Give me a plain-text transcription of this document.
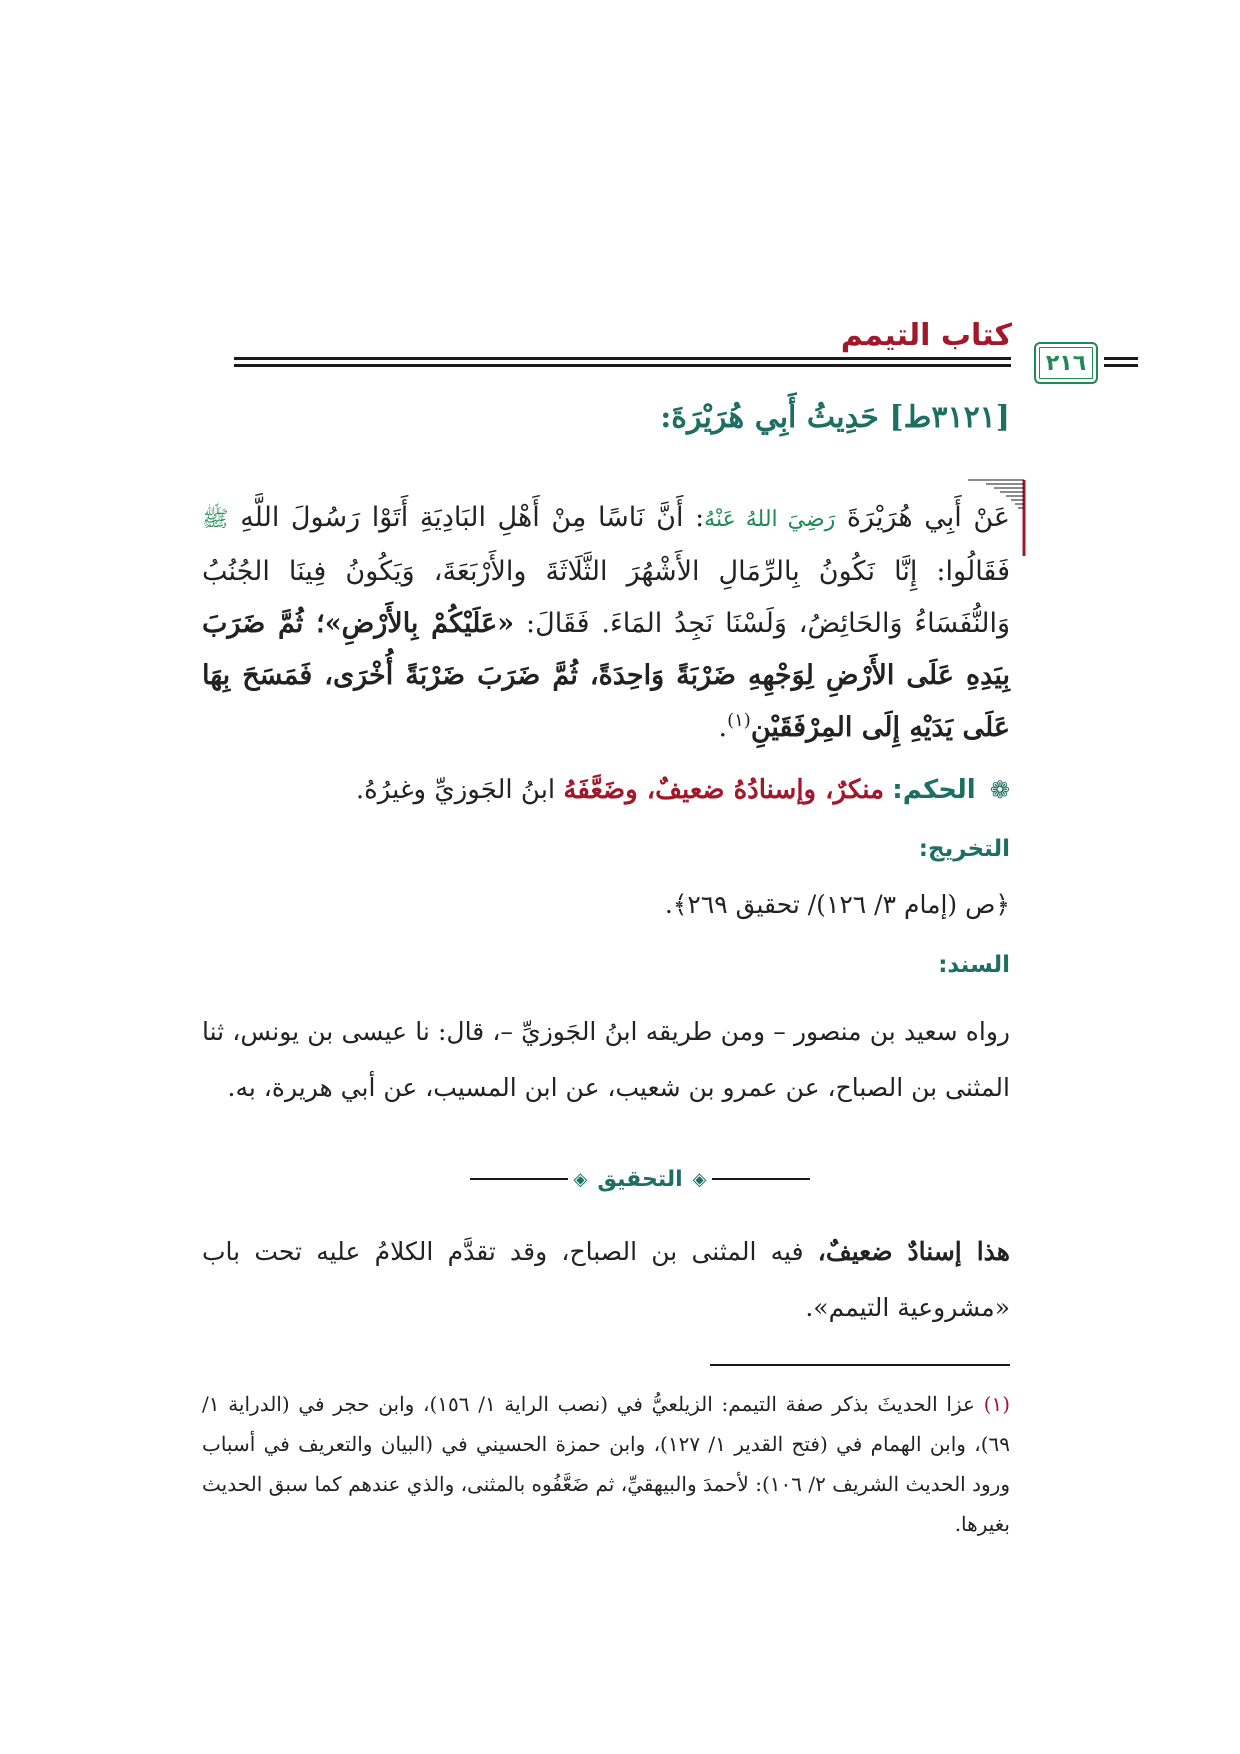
كتاب التيمم
٢١٦
[٣١٢١ط] حَدِيثُ أَبِي هُرَيْرَةَ:
عَنْ أَبِي هُرَيْرَةَ رَضِيَ اللهُ عَنْهُ: أَنَّ نَاسًا مِنْ أَهْلِ البَادِيَةِ أَتَوْا رَسُولَ اللَّهِ ﷺ فَقَالُوا: إِنَّا نَكُونُ بِالرِّمَالِ الأَشْهُرَ الثَّلَاثَةَ والأَرْبَعَةَ، وَيَكُونُ فِينَا الجُنُبُ وَالنُّفَسَاءُ وَالحَائِضُ، وَلَسْنَا نَجِدُ المَاءَ. فَقَالَ: «عَلَيْكُمْ بِالأَرْضِ»؛ ثُمَّ ضَرَبَ بِيَدِهِ عَلَى الأَرْضِ لِوَجْهِهِ ضَرْبَةً وَاحِدَةً، ثُمَّ ضَرَبَ ضَرْبَةً أُخْرَى، فَمَسَحَ بِهَا عَلَى يَدَيْهِ إِلَى المِرْفَقَيْنِ$^{(١)}$.
❁ الحكم: منكرٌ، وإسنادُهُ ضعيفٌ، وضَعَّفَهُ ابنُ الجَوزيِّ وغيرُهُ.
التخريج:
﴿ص (إمام ٣/ ١٢٦)/ تحقيق ٢٦٩﴾.
السند:
رواه سعيد بن منصور – ومن طريقه ابنُ الجَوزيِّ –، قال: نا عيسى بن يونس، ثنا المثنى بن الصباح، عن عمرو بن شعيب، عن ابن المسيب، عن أبي هريرة، به.
◈
التحقيق
◈
هذا إسنادٌ ضعيفٌ، فيه المثنى بن الصباح، وقد تقدَّم الكلامُ عليه تحت باب «مشروعية التيمم».
(١) عزا الحديثَ بذكر صفة التيمم: الزيلعيُّ في (نصب الراية ١/ ١٥٦)، وابن حجر في (الدراية ١/ ٦٩)، وابن الهمام في (فتح القدير ١/ ١٢٧)، وابن حمزة الحسيني في (البيان والتعريف في أسباب ورود الحديث الشريف ٢/ ١٠٦): لأحمدَ والبيهقيِّ، ثم ضَعَّفُوه بالمثنى، والذي عندهم كما سبق الحديث بغيرها.
